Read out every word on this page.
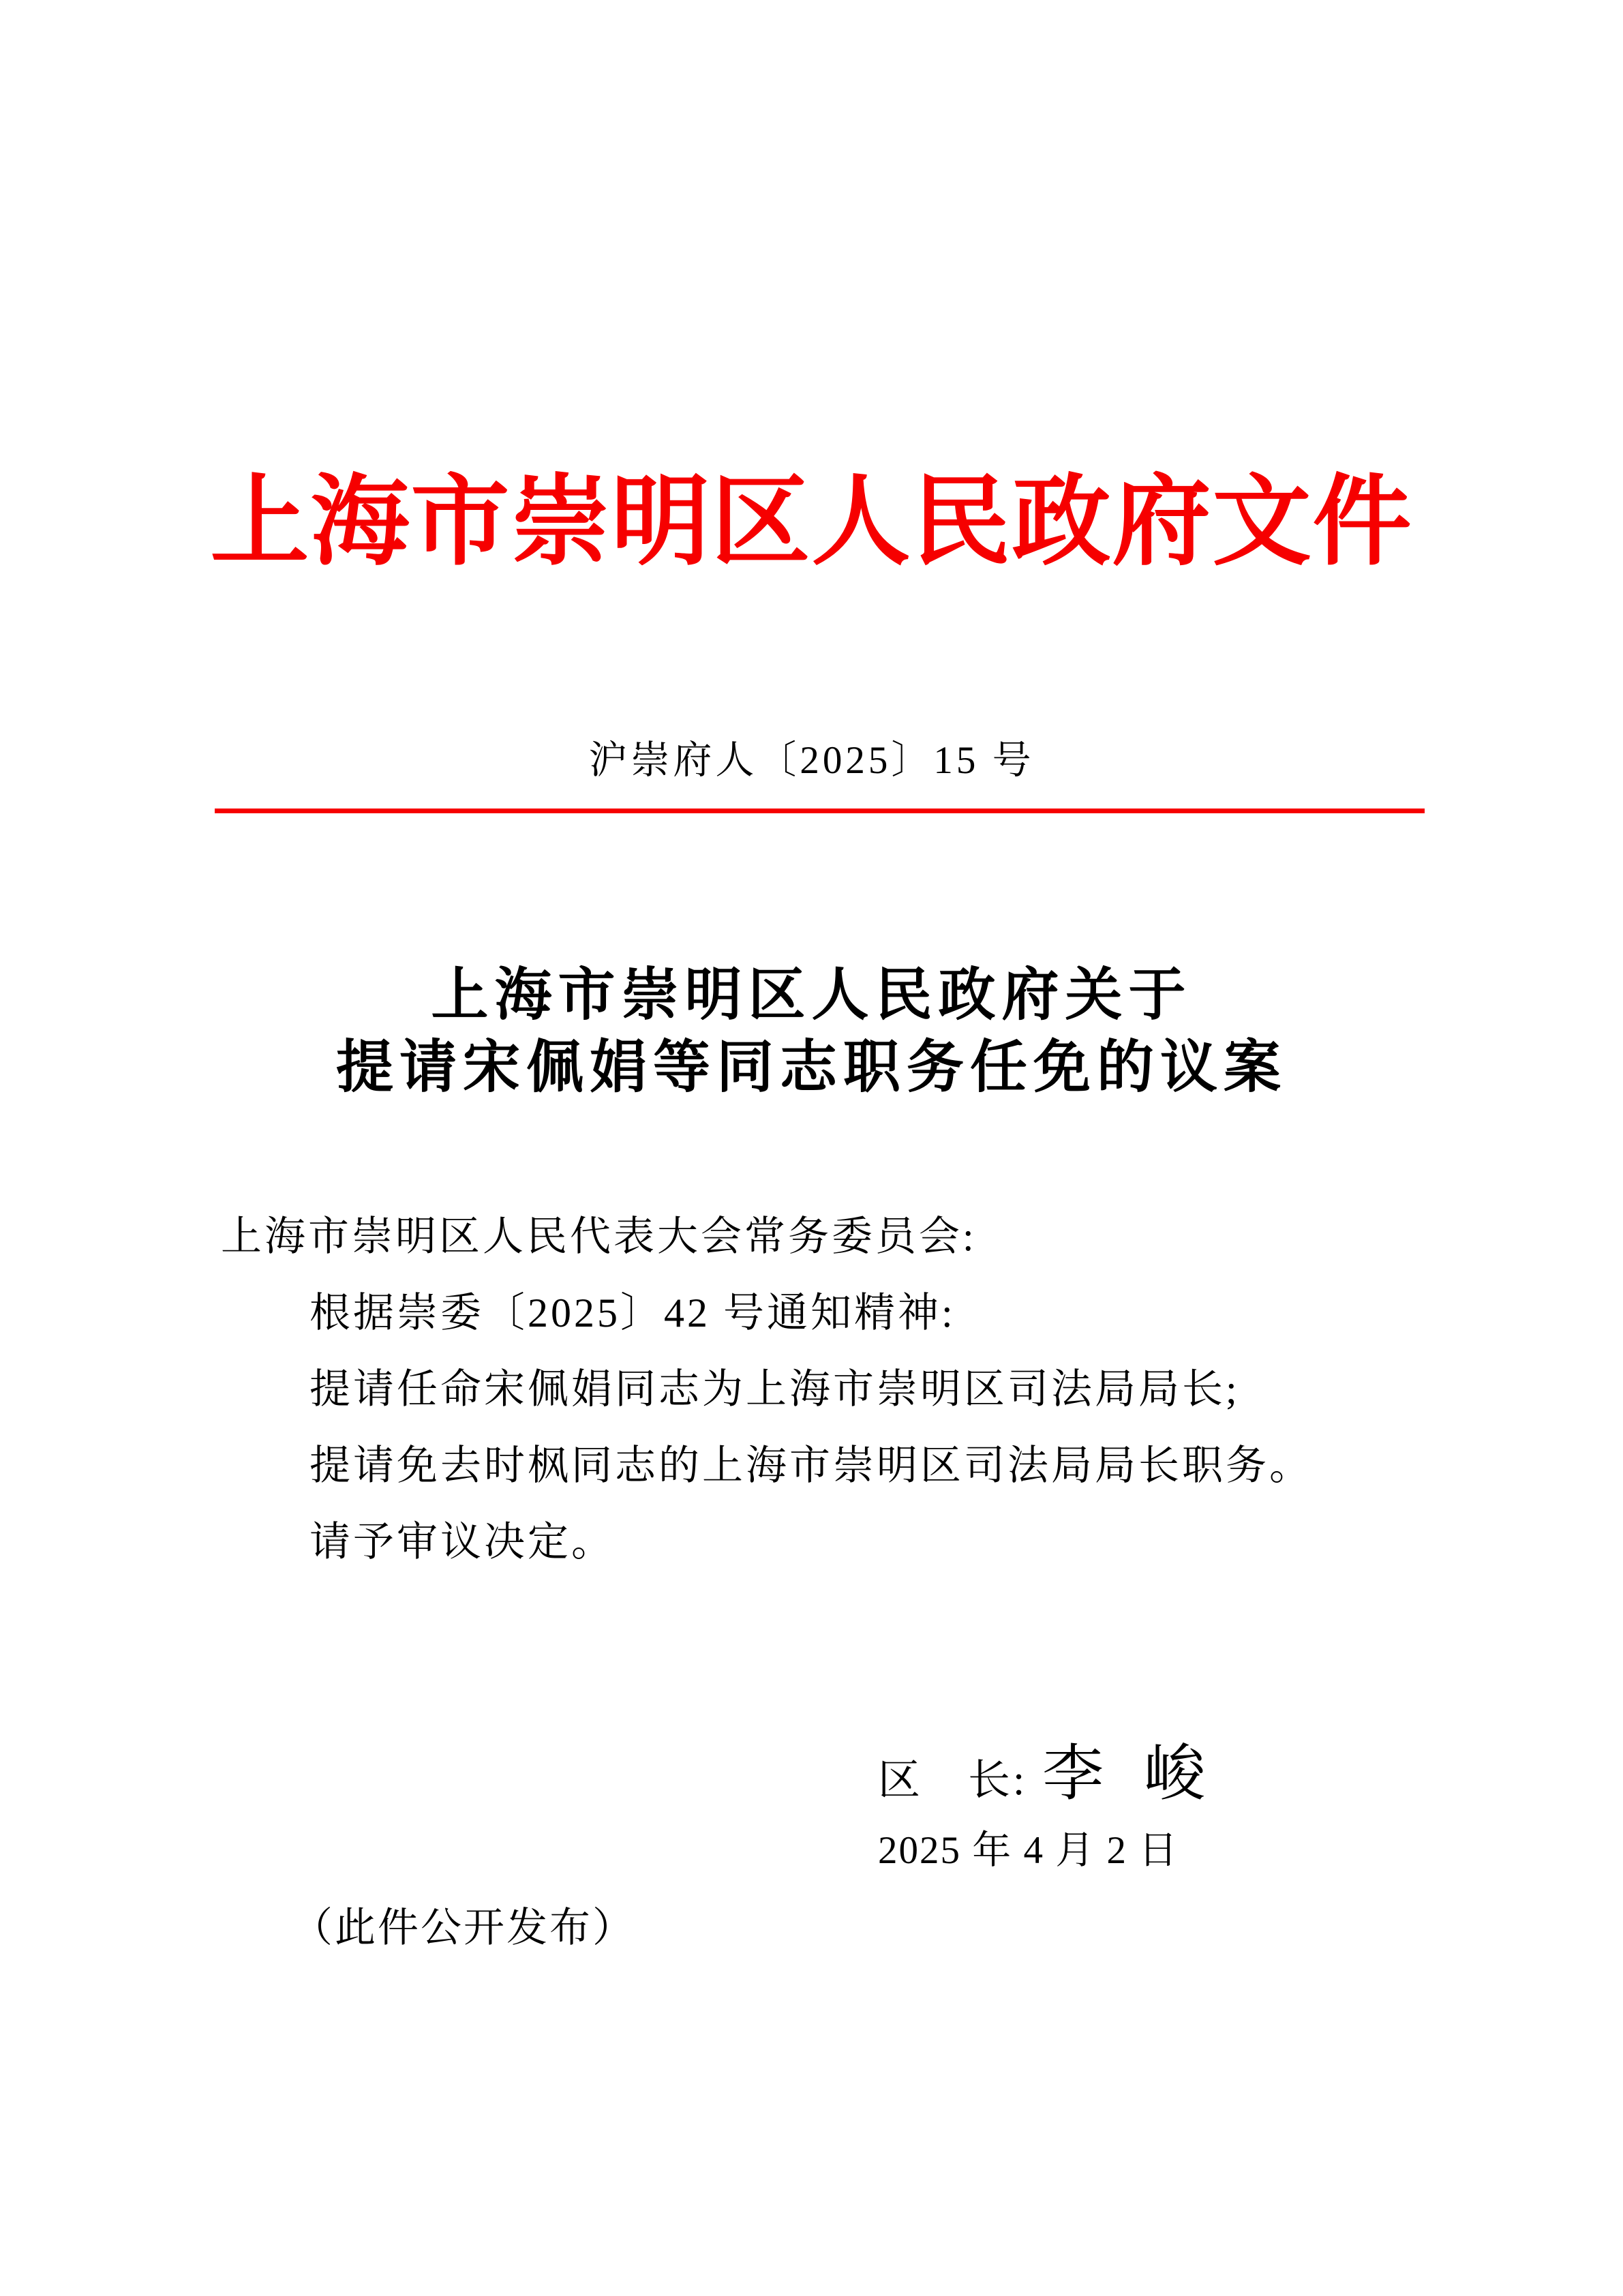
上海市崇明区人民政府文件
沪崇府人〔2025〕15 号
上海市崇明区人民政府关于
提请宋佩娟等同志职务任免的议案

上海市崇明区人民代表大会常务委员会:

根据崇委〔2025〕42 号通知精神:

提请任命宋佩娟同志为上海市崇明区司法局局长;

提请免去时枫同志的上海市崇明区司法局局长职务。

请予审议决定。

区　长: 李 峻
2025 年 4 月 2 日
（此件公开发布）
